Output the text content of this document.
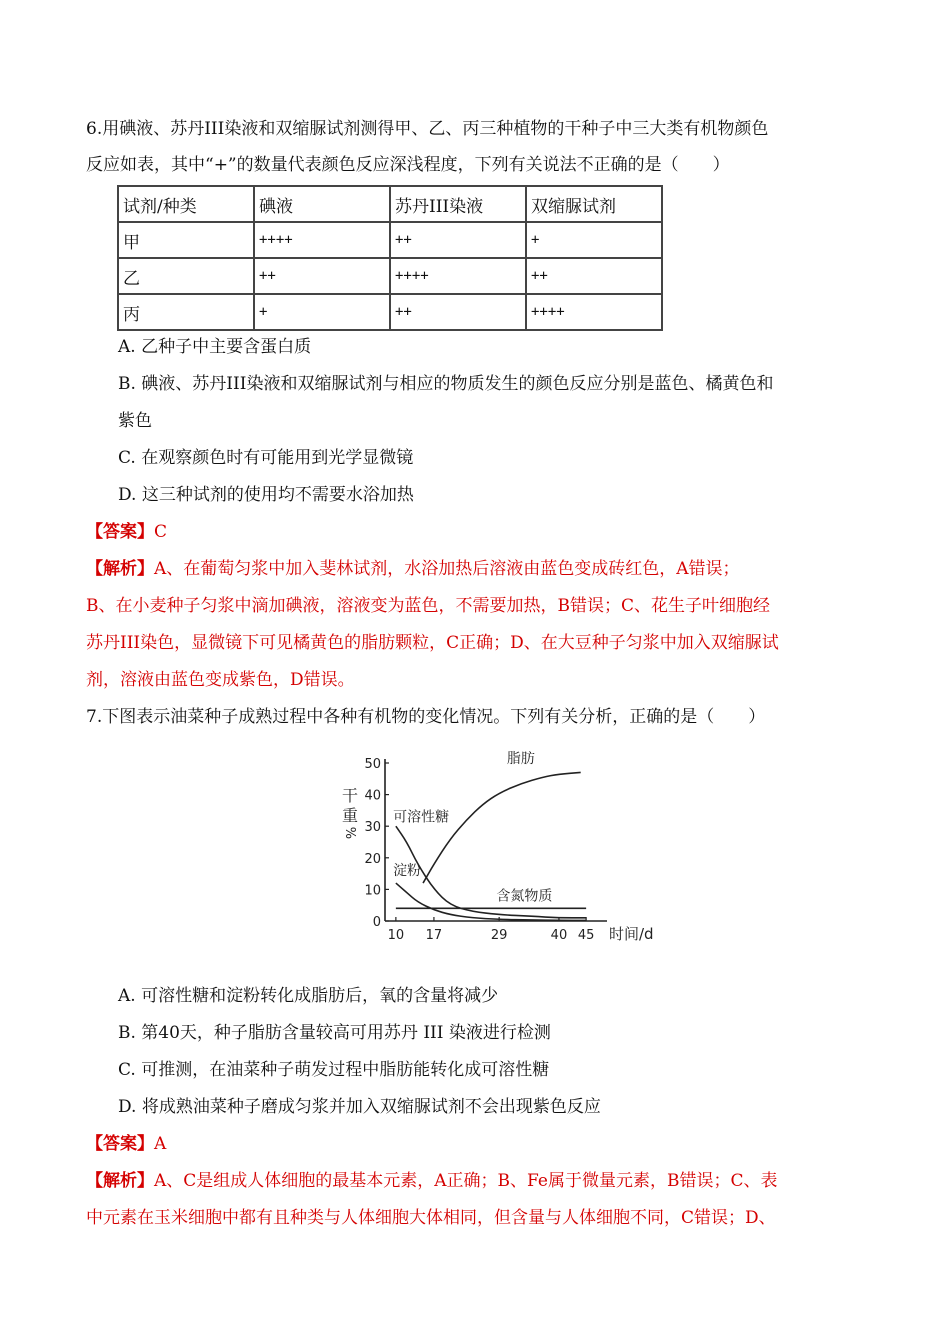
6.用碘液、苏丹III染液和双缩脲试剂测得甲、乙、丙三种植物的干种子中三大类有机物颜色
反应如表，其中“+”的数量代表颜色反应深浅程度，下列有关说法不正确的是（　　）
试剂/种类	碘液	苏丹III染液	双缩脲试剂
甲	++++	++	+
乙	++	++++	++
丙	+	++	++++
A. 乙种子中主要含蛋白质
B. 碘液、苏丹III染液和双缩脲试剂与相应的物质发生的颜色反应分别是蓝色、橘黄色和
紫色
C. 在观察颜色时有可能用到光学显微镜
D. 这三种试剂的使用均不需要水浴加热
【答案】C
【解析】A、在葡萄匀浆中加入斐林试剂，水浴加热后溶液由蓝色变成砖红色，A错误；
B、在小麦种子匀浆中滴加碘液，溶液变为蓝色，不需要加热，B错误；C、花生子叶细胞经
苏丹III染色，显微镜下可见橘黄色的脂肪颗粒，C正确；D、在大豆种子匀浆中加入双缩脲试
剂，溶液由蓝色变成紫色，D错误。
7.下图表示油菜种子成熟过程中各种有机物的变化情况。下列有关分析，正确的是（　　）
0
10
20
30
40
50
10 17	29	40 45
干
重
%
时间/d
脂肪
可溶性糖
淀粉
含氮物质
A. 可溶性糖和淀粉转化成脂肪后，氧的含量将减少
B. 第40天，种子脂肪含量较高可用苏丹 III 染液进行检测
C. 可推测，在油菜种子萌发过程中脂肪能转化成可溶性糖
D. 将成熟油菜种子磨成匀浆并加入双缩脲试剂不会出现紫色反应
【答案】A
【解析】A、C是组成人体细胞的最基本元素，A正确；B、Fe属于微量元素，B错误；C、表
中元素在玉米细胞中都有且种类与人体细胞大体相同，但含量与人体细胞不同，C错误；D、
